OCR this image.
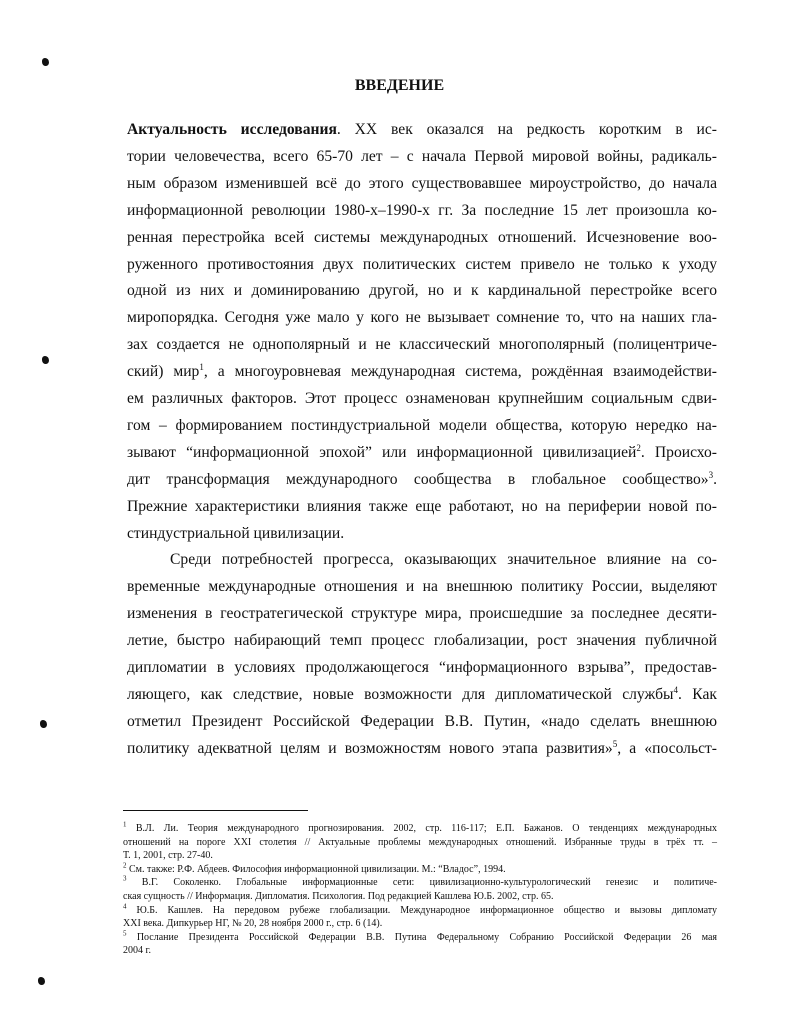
ВВЕДЕНИЕ
Актуальность исследования. XX век оказался на редкость коротким в ис-
тории человечества, всего 65-70 лет – с начала Первой мировой войны, радикаль-
ным образом изменившей всё до этого существовавшее мироустройство, до начала
информационной революции 1980-х–1990-х гг. За последние 15 лет произошла ко-
ренная перестройка всей системы международных отношений. Исчезновение воо-
руженного противостояния двух политических систем привело не только к уходу
одной из них и доминированию другой, но и к кардинальной перестройке всего
миропорядка. Сегодня уже мало у кого не вызывает сомнение то, что на наших гла-
зах создается не однополярный и не классический многополярный (полицентриче-
ский) мир$^1$, а многоуровневая международная система, рождённая взаимодействи-
ем различных факторов. Этот процесс ознаменован крупнейшим социальным сдви-
гом – формированием постиндустриальной модели общества, которую нередко на-
зывают “информационной эпохой” или информационной цивилизацией$^2$. Происхо-
дит трансформация международного сообщества в глобальное сообщество»$^3$.
Прежние характеристики влияния также еще работают, но на периферии новой по-
стиндустриальной цивилизации.
Среди потребностей прогресса, оказывающих значительное влияние на со-
временные международные отношения и на внешнюю политику России, выделяют
изменения в геостратегической структуре мира, происшедшие за последнее десяти-
летие, быстро набирающий темп процесс глобализации, рост значения публичной
дипломатии в условиях продолжающегося “информационного взрыва”, предостав-
ляющего, как следствие, новые возможности для дипломатической службы$^4$. Как
отметил Президент Российской Федерации В.В. Путин, «надо сделать внешнюю
политику адекватной целям и возможностям нового этапа развития»$^5$, а «посольст-
$^1$ В.Л. Ли. Теория международного прогнозирования. 2002, стр. 116-117; Е.П. Бажанов. О тенденциях международных
отношений на пороге XXI столетия // Актуальные проблемы международных отношений. Избранные труды в трёх тт. –
Т. 1, 2001, стр. 27-40.
$^2$ См. также: Р.Ф. Абдеев. Философия информационной цивилизации. М.: “Владос”, 1994.
$^3$ В.Г. Соколенко. Глобальные информационные сети: цивилизационно-культурологический генезис и политиче-
ская сущность // Информация. Дипломатия. Психология. Под редакцией Кашлева Ю.Б. 2002, стр. 65.
$^4$ Ю.Б. Кашлев. На передовом рубеже глобализации. Международное информационное общество и вызовы дипломату
XXI века. Дипкурьер НГ, № 20, 28 ноября 2000 г., стр. 6 (14).
$^5$ Послание Президента Российской Федерации В.В. Путина Федеральному Собранию Российской Федерации 26 мая
2004 г.
